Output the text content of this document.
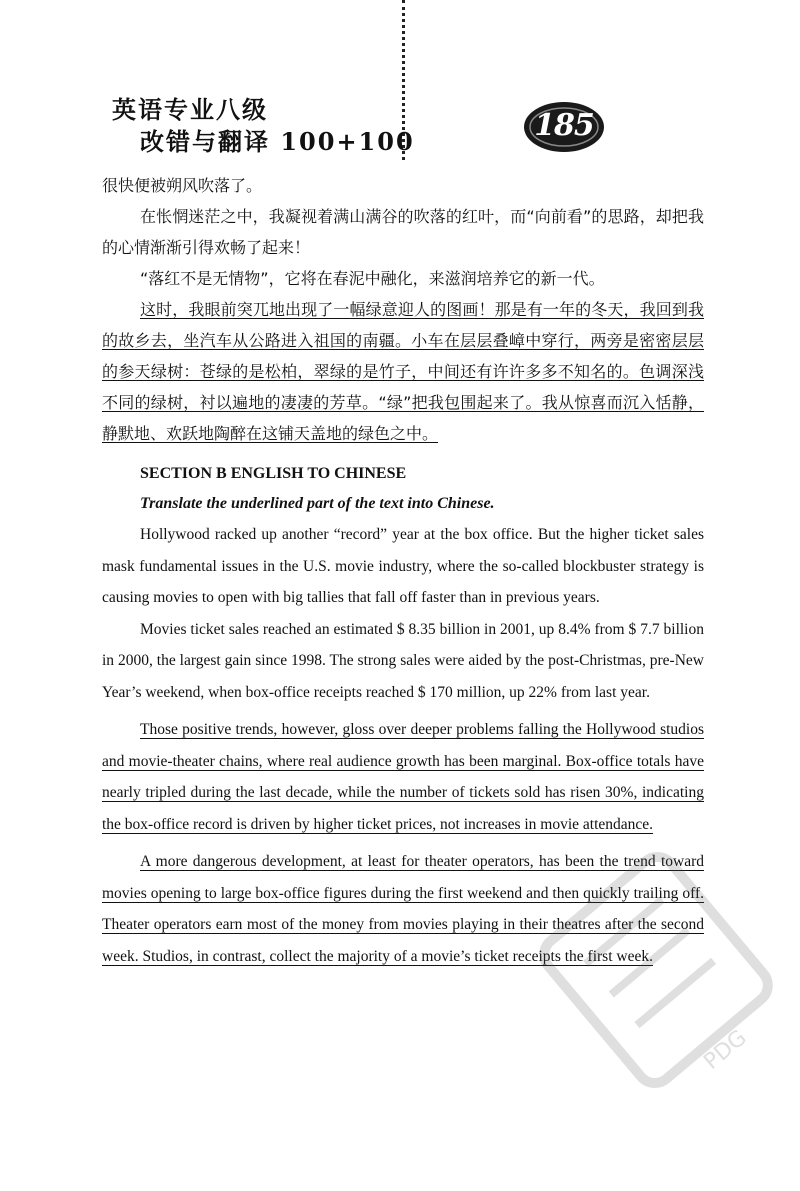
英语专业八级
改错与翻译 100+100	185

很快便被朔风吹落了。

在怅惘迷茫之中，我凝视着满山满谷的吹落的红叶，而“向前看”的思路，却把我的心情渐渐引得欢畅了起来！

“落红不是无情物”，它将在春泥中融化，来滋润培养它的新一代。

这时，我眼前突兀地出现了一幅绿意迎人的图画！那是有一年的冬天，我回到我的故乡去，坐汽车从公路进入祖国的南疆。小车在层层叠嶂中穿行，两旁是密密层层的参天绿树：苍绿的是松柏，翠绿的是竹子，中间还有许许多多不知名的。色调深浅不同的绿树，衬以遍地的凄凄的芳草。“绿”把我包围起来了。我从惊喜而沉入恬静，静默地、欢跃地陶醉在这铺天盖地的绿色之中。

SECTION B ENGLISH TO CHINESE
Translate the underlined part of the text into Chinese.

Hollywood racked up another “record” year at the box office. But the higher ticket sales mask fundamental issues in the U.S. movie industry, where the so-called blockbuster strategy is causing movies to open with big tallies that fall off faster than in previous years.

Movies ticket sales reached an estimated $ 8.35 billion in 2001, up 8.4% from $ 7.7 billion in 2000, the largest gain since 1998. The strong sales were aided by the post-Christmas, pre-New Year’s weekend, when box-office receipts reached $ 170 million, up 22% from last year.

Those positive trends, however, gloss over deeper problems falling the Hollywood studios and movie-theater chains, where real audience growth has been marginal. Box-office totals have nearly tripled during the last decade, while the number of tickets sold has risen 30%, indicating the box-office record is driven by higher ticket prices, not increases in movie attendance.

A more dangerous development, at least for theater operators, has been the trend toward movies opening to large box-office figures during the first weekend and then quickly trailing off. Theater operators earn most of the money from movies playing in their theatres after the second week. Studios, in contrast, collect the majority of a movie’s ticket receipts the first week.

PDG
